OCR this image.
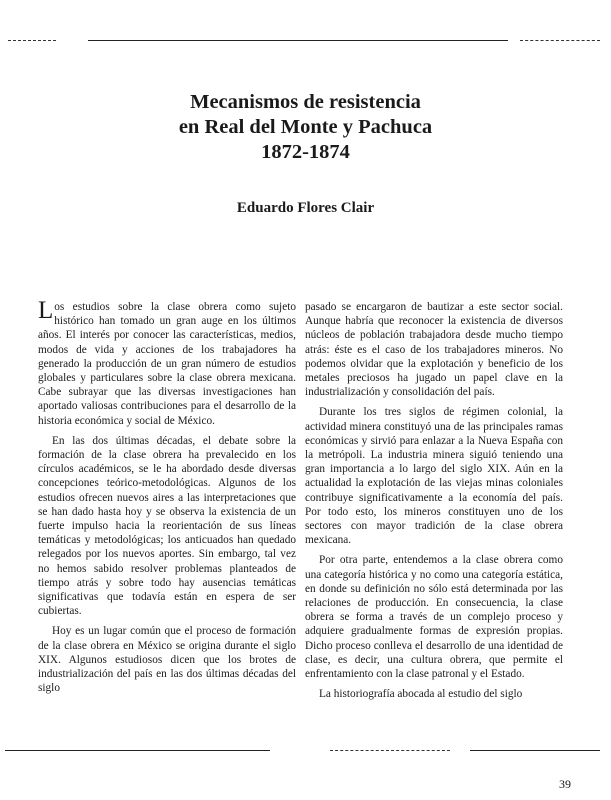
Mecanismos de resistencia
en Real del Monte y Pachuca
1872-1874
Eduardo Flores Clair

Los estudios sobre la clase obrera como sujeto histórico han tomado un gran auge en los últimos años. El interés por conocer las características, medios, modos de vida y acciones de los trabajadores ha generado la producción de un gran número de estudios globales y particulares sobre la clase obrera mexicana. Cabe subrayar que las diversas investigaciones han aportado valiosas contribuciones para el desarrollo de la historia económica y social de México.

En las dos últimas décadas, el debate sobre la formación de la clase obrera ha prevalecido en los círculos académicos, se le ha abordado desde diversas concepciones teórico-metodológicas. Algunos de los estudios ofrecen nuevos aires a las interpretaciones que se han dado hasta hoy y se observa la existencia de un fuerte impulso hacia la reorientación de sus líneas temáticas y metodológicas; los anticuados han quedado relegados por los nuevos aportes. Sin embargo, tal vez no hemos sabido resolver problemas planteados de tiempo atrás y sobre todo hay ausencias temáticas significativas que todavía están en espera de ser cubiertas.

Hoy es un lugar común que el proceso de formación de la clase obrera en México se origina durante el siglo XIX. Algunos estudiosos dicen que los brotes de industrialización del país en las dos últimas décadas del siglo

pasado se encargaron de bautizar a este sector social. Aunque habría que reconocer la existencia de diversos núcleos de población trabajadora desde mucho tiempo atrás: éste es el caso de los trabajadores mineros. No podemos olvidar que la explotación y beneficio de los metales preciosos ha jugado un papel clave en la industrialización y consolidación del país.

Durante los tres siglos de régimen colonial, la actividad minera constituyó una de las principales ramas económicas y sirvió para enlazar a la Nueva España con la metrópoli. La industria minera siguió teniendo una gran importancia a lo largo del siglo XIX. Aún en la actualidad la explotación de las viejas minas coloniales contribuye significativamente a la economía del país. Por todo esto, los mineros constituyen uno de los sectores con mayor tradición de la clase obrera mexicana.

Por otra parte, entendemos a la clase obrera como una categoría histórica y no como una categoría estática, en donde su definición no sólo está determinada por las relaciones de producción. En consecuencia, la clase obrera se forma a través de un complejo proceso y adquiere gradualmente formas de expresión propias. Dicho proceso conlleva el desarrollo de una identidad de clase, es decir, una cultura obrera, que permite el enfrentamiento con la clase patronal y el Estado.

La historiografía abocada al estudio del siglo

39
